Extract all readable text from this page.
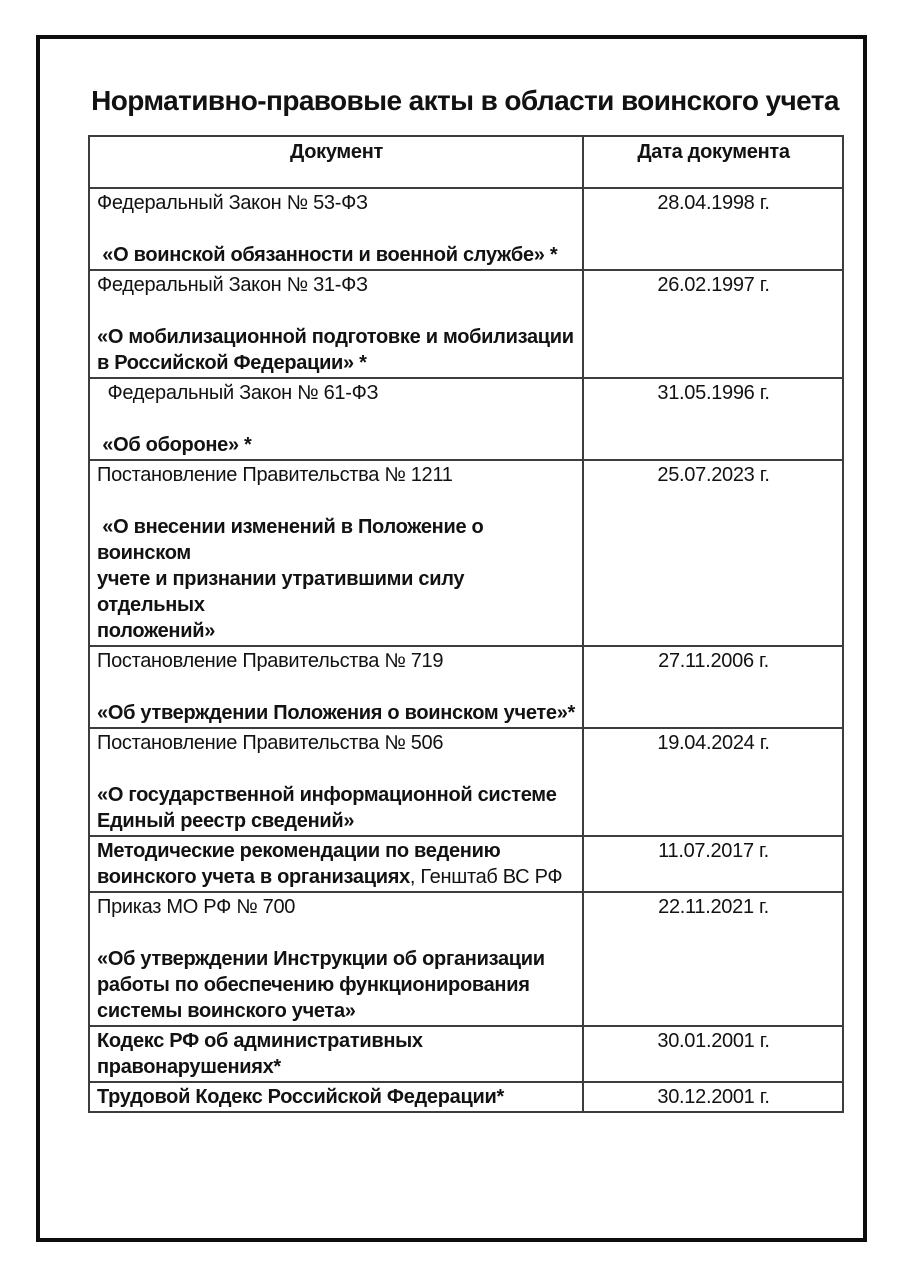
Нормативно-правовые акты в области воинского учета
Документ	Дата документа

Федеральный Закон № 53-ФЗ
«О воинской обязанности и военной службе» *	28.04.1998 г.

Федеральный Закон № 31-ФЗ
«О мобилизационной подготовке и мобилизации
в Российской Федерации» *	26.02.1997 г.

Федеральный Закон № 61-ФЗ
«Об обороне» *	31.05.1996 г.

Постановление Правительства № 1211
«О внесении изменений в Положение о воинском
учете и признании утратившими силу отдельных
положений»	25.07.2023 г.

Постановление Правительства № 719
«Об утверждении Положения о воинском учете»*	27.11.2006 г.

Постановление Правительства № 506
«О государственной информационной системе
Единый реестр сведений»	19.04.2024 г.

Методические рекомендации по ведению
воинского учета в организациях, Генштаб ВС РФ	11.07.2017 г.

Приказ МО РФ № 700
«Об утверждении Инструкции об организации
работы по обеспечению функционирования
системы воинского учета»	22.11.2021 г.

Кодекс РФ об административных
правонарушениях*	30.01.2001 г.

Трудовой Кодекс Российской Федерации*	30.12.2001 г.
